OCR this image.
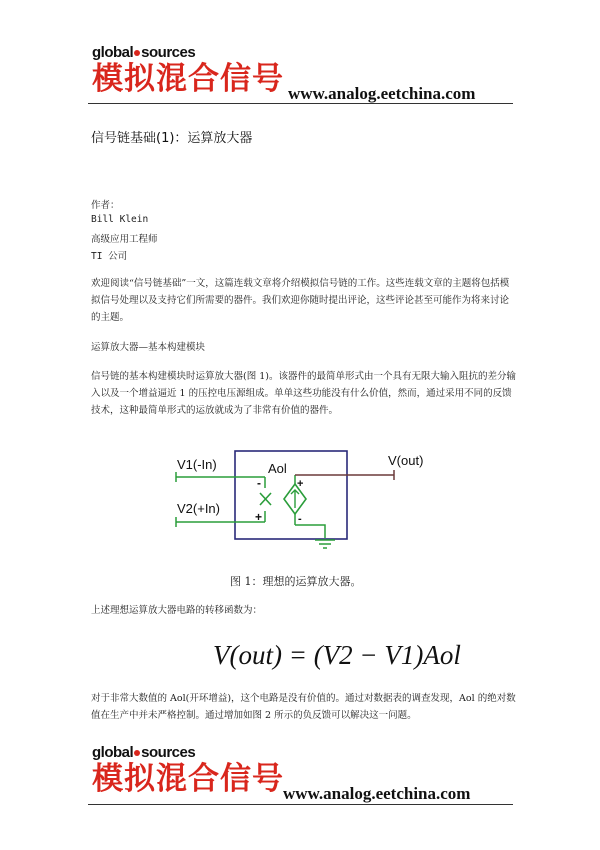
global sources
模拟混合信号 www.analog.eetchina.com
信号链基础(1)：运算放大器
作者：
Bill Klein
高级应用工程师
TI 公司
欢迎阅读“信号链基础”一文，这篇连载文章将介绍模拟信号链的工作。这些连载文章的主题将包括模拟信号处理以及支持它们所需要的器件。我们欢迎你随时提出评论，这些评论甚至可能作为将来讨论的主题。
运算放大器—基本构建模块
信号链的基本构建模块时运算放大器(图 1)。该器件的最简单形式由一个具有无限大输入阻抗的差分输入以及一个增益逼近 1 的压控电压源组成。单单这些功能没有什么价值，然而，通过采用不同的反馈技术，这种最简单形式的运放就成为了非常有价值的器件。
V1(-In)
V2(+In)
Aol
V(out)
-
+
+
-
图 1：理想的运算放大器。
上述理想运算放大器电路的转移函数为：
V(out) = (V2 − V1)Aol
对于非常大数值的 Aol(开环增益)，这个电路是没有价值的。通过对数据表的调查发现，Aol 的绝对数值在生产中并未严格控制。通过增加如图 2 所示的负反馈可以解决这一问题。
global sources
模拟混合信号 www.analog.eetchina.com
